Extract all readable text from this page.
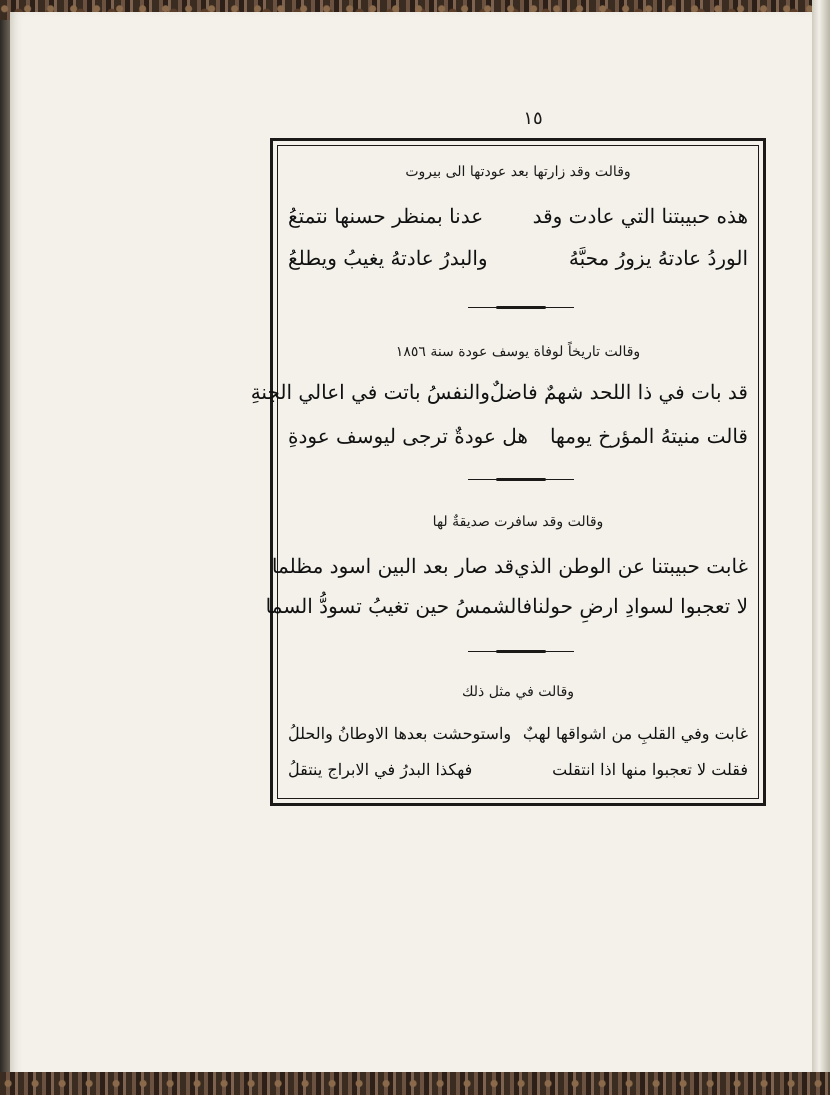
١٥
وقالت وقد زارتها بعد عودتها الى بيروت
هذه حبيبتنا التي عادت وقد
عدنا بمنظر حسنها نتمتعُ
الوردُ عادتهُ يزورُ محبَّهُ
والبدرُ عادتهُ يغيبُ ويطلعُ
وقالت تاريخاً لوفاة يوسف عودة سنة ١٨٥٦
قد بات في ذا اللحد شهمٌ فاضلٌ
والنفسُ باتت في اعالي الجنةِ
قالت منيتهُ المؤرخ يومها
هل عودةٌ ترجى ليوسف عودةِ
وقالت وقد سافرت صديقةٌ لها
غابت حبيبتنا عن الوطن الذي
قد صار بعد البين اسود مظلما
لا تعجبوا لسوادِ ارضِ حولنا
فالشمسُ حين تغيبُ تسودُّ السما
وقالت في مثل ذلك
غابت وفي القلبِ من اشواقها لهبٌ
واستوحشت بعدها الاوطانُ والحللُ
فقلت لا تعجبوا منها اذا انتقلت
فهكذا البدرُ في الابراج ينتقلُ
